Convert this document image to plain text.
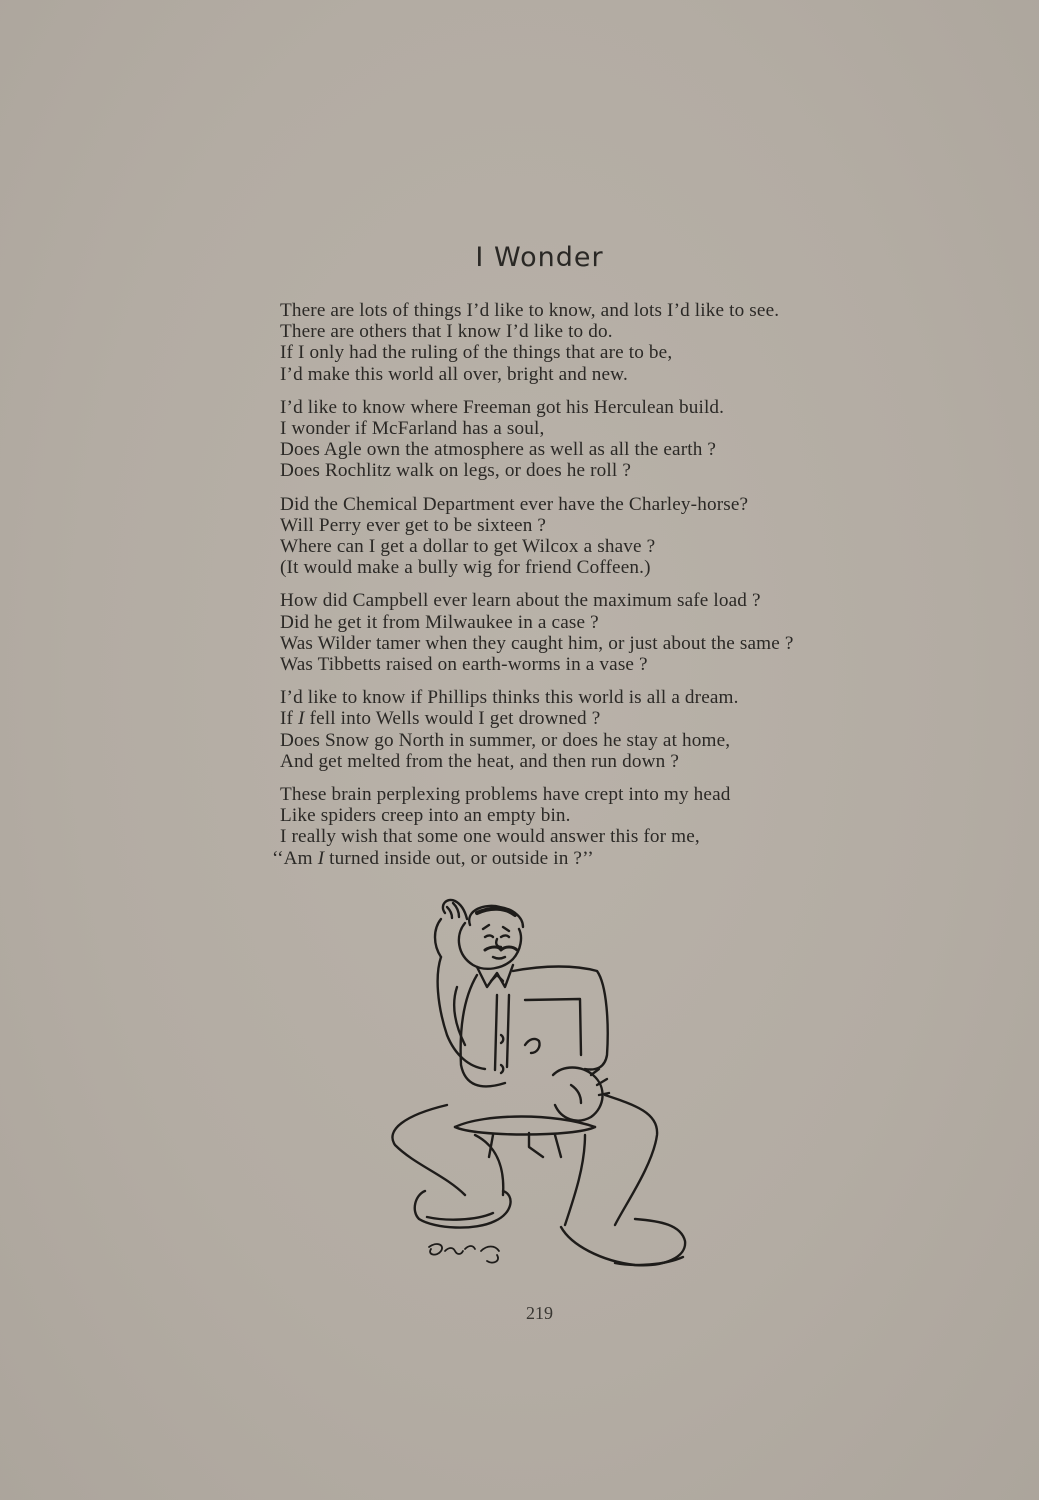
I Wonder
There are lots of things I’d like to know, and lots I’d like to see.
There are others that I know I’d like to do.
If I only had the ruling of the things that are to be,
I’d make this world all over, bright and new.
I’d like to know where Freeman got his Herculean build.
I wonder if McFarland has a soul,
Does Agle own the atmosphere as well as all the earth ?
Does Rochlitz walk on legs, or does he roll ?
Did the Chemical Department ever have the Charley-horse?
Will Perry ever get to be sixteen ?
Where can I get a dollar to get Wilcox a shave ?
(It would make a bully wig for friend Coffeen.)
How did Campbell ever learn about the maximum safe load ?
Did he get it from Milwaukee in a case ?
Was Wilder tamer when they caught him, or just about the same ?
Was Tibbetts raised on earth-worms in a vase ?
I’d like to know if Phillips thinks this world is all a dream.
If I fell into Wells would I get drowned ?
Does Snow go North in summer, or does he stay at home,
And get melted from the heat, and then run down ?
These brain perplexing problems have crept into my head
Like spiders creep into an empty bin.
I really wish that some one would answer this for me,
‘‘Am I turned inside out, or outside in ?’’
Squires
219
